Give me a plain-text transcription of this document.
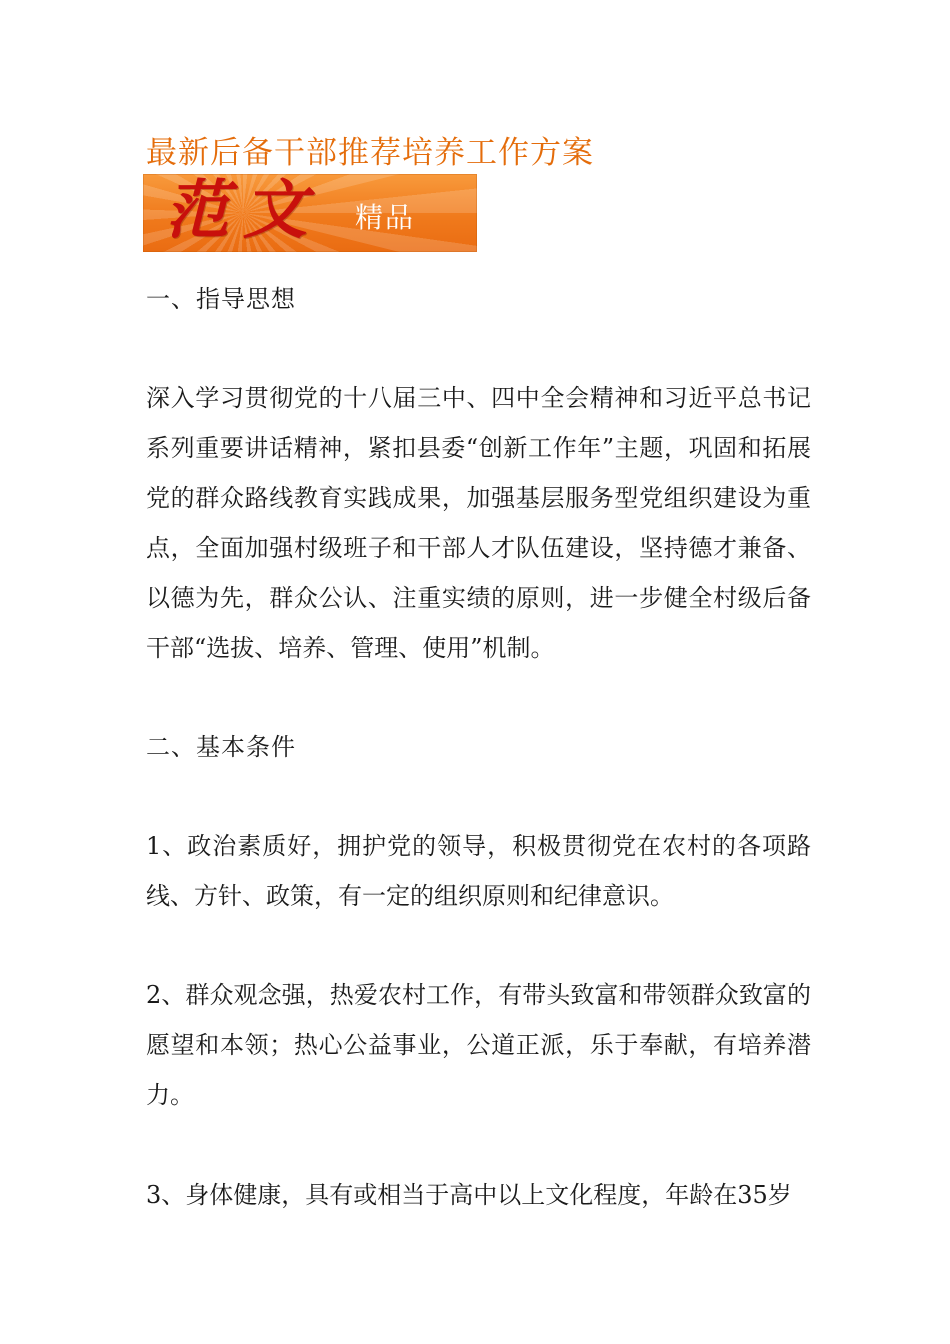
最新后备干部推荐培养工作方案
范文 精品

一、指导思想

深入学习贯彻党的十八届三中、四中全会精神和习近平总书记系列重要讲话精神，紧扣县委“创新工作年”主题，巩固和拓展党的群众路线教育实践成果，加强基层服务型党组织建设为重点，全面加强村级班子和干部人才队伍建设，坚持德才兼备、以德为先，群众公认、注重实绩的原则，进一步健全村级后备干部“选拔、培养、管理、使用”机制。

二、基本条件

1、政治素质好，拥护党的领导，积极贯彻党在农村的各项路线、方针、政策，有一定的组织原则和纪律意识。

2、群众观念强，热爱农村工作，有带头致富和带领群众致富的愿望和本领；热心公益事业，公道正派，乐于奉献，有培养潜力。

3、身体健康，具有或相当于高中以上文化程度，年龄在35岁
